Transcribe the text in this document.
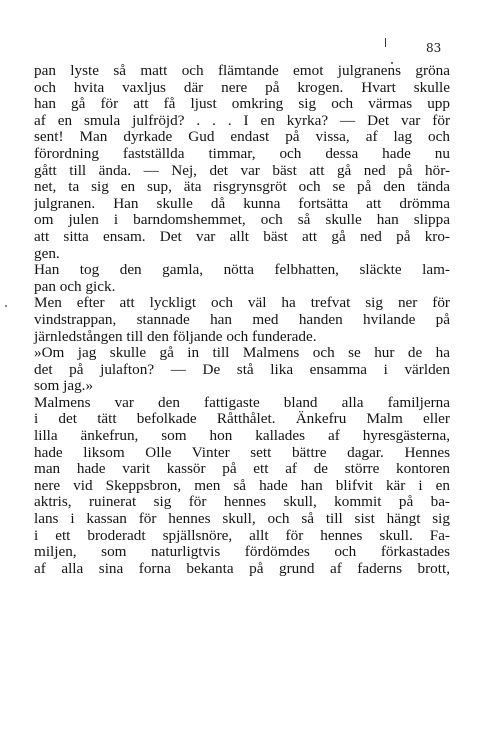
83
pan lyste så matt och flämtande emot julgranens gröna
och hvita vaxljus där nere på krogen. Hvart skulle
han gå för att få ljust omkring sig och värmas upp
af en smula julfröjd? . . . I en kyrka? — Det var för
sent! Man dyrkade Gud endast på vissa, af lag och
förordning fastställda timmar, och dessa hade nu
gått till ända. — Nej, det var bäst att gå ned på hör-
net, ta sig en sup, äta risgrynsgröt och se på den tända
julgranen. Han skulle då kunna fortsätta att drömma
om julen i barndomshemmet, och så skulle han slippa
att sitta ensam. Det var allt bäst att gå ned på kro-
gen.
Han tog den gamla, nötta felbhatten, släckte lam-
pan och gick.
Men efter att lyckligt och väl ha trefvat sig ner för
vindstrappan, stannade han med handen hvilande på
järnledstången till den följande och funderade.
»Om jag skulle gå in till Malmens och se hur de ha
det på julafton? — De stå lika ensamma i världen
som jag.»
Malmens var den fattigaste bland alla familjerna
i det tätt befolkade Råtthålet. Änkefru Malm eller
lilla änkefrun, som hon kallades af hyresgästerna,
hade liksom Olle Vinter sett bättre dagar. Hennes
man hade varit kassör på ett af de större kontoren
nere vid Skeppsbron, men så hade han blifvit kär i en
aktris, ruinerat sig för hennes skull, kommit på ba-
lans i kassan för hennes skull, och så till sist hängt sig
i ett broderadt spjällsnöre, allt för hennes skull. Fa-
miljen, som naturligtvis fördömdes och förkastades
af alla sina forna bekanta på grund af faderns brott,
